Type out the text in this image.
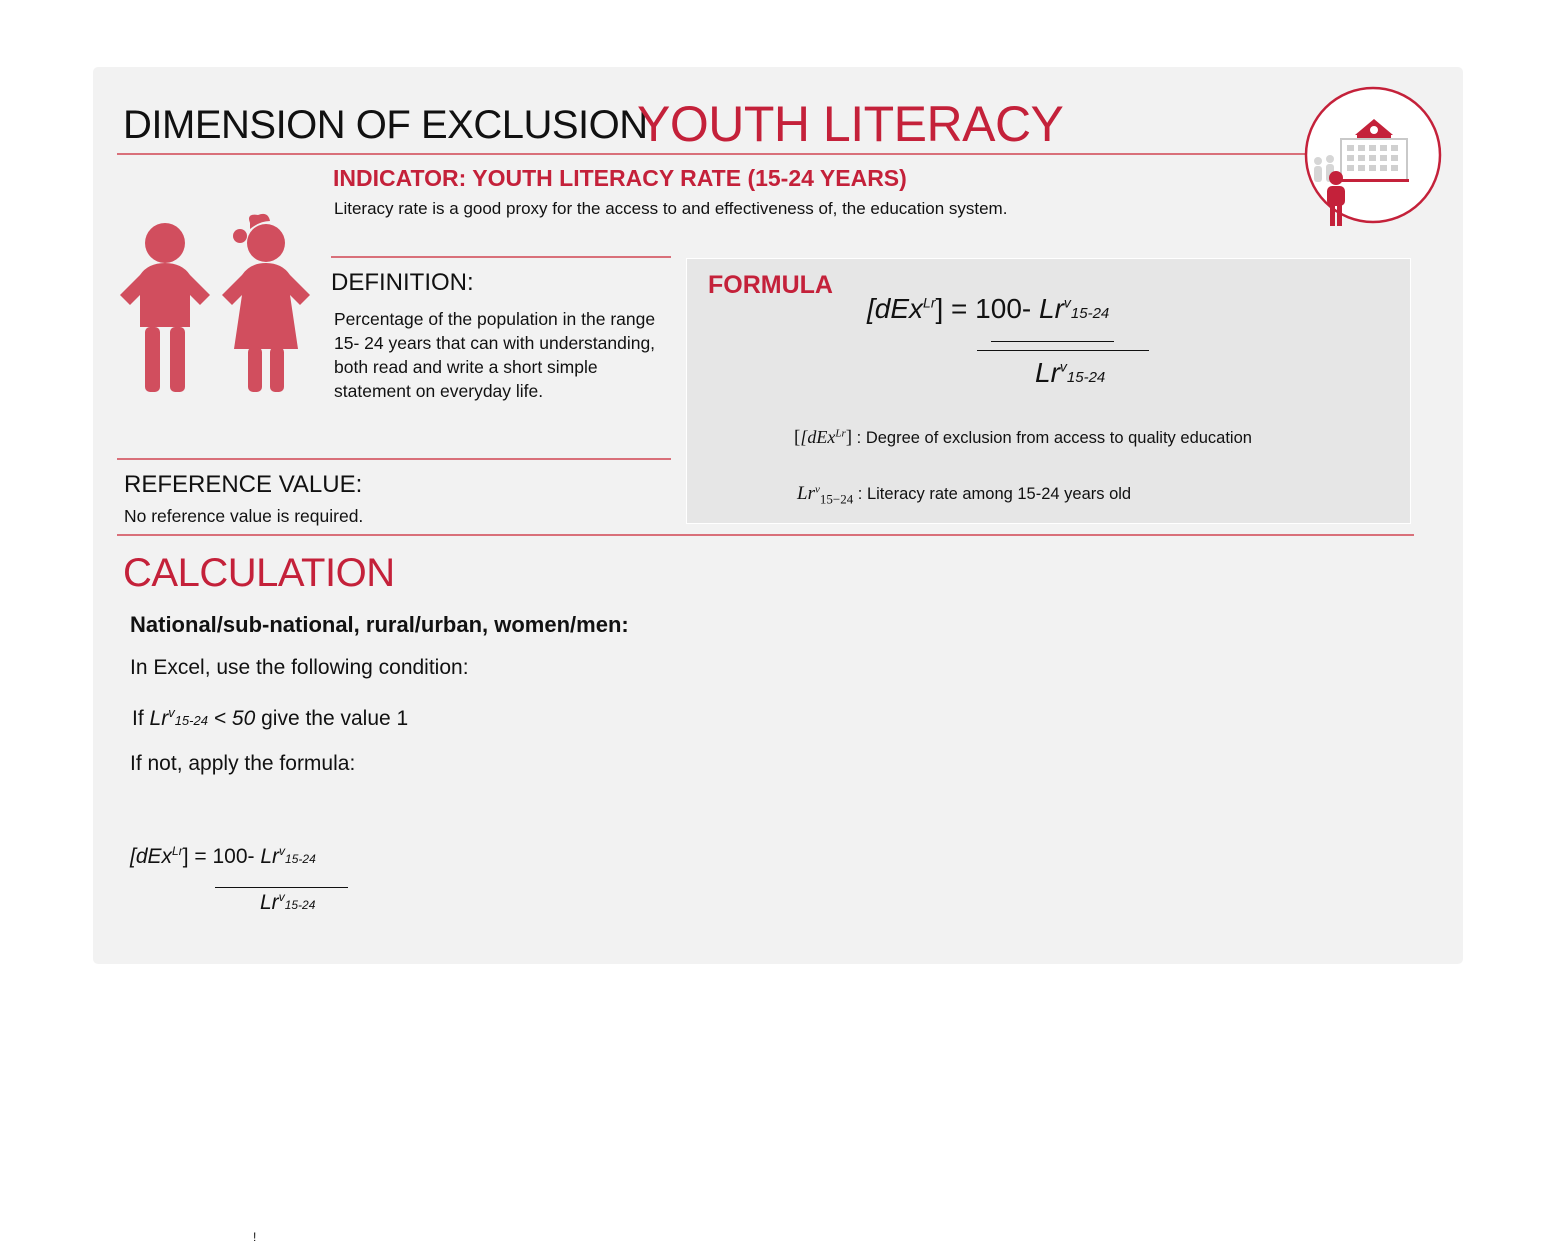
DIMENSION OF EXCLUSION
YOUTH LITERACY
INDICATOR: YOUTH LITERACY RATE (15-24 YEARS)
Literacy rate is a good proxy for the access to and effectiveness of, the education system.
DEFINITION:
Percentage of the population in the range 15- 24 years that can with understanding, both read and write a short simple statement on everyday life.
REFERENCE VALUE:
No reference value is required.
FORMULA
[dEx$^{Lr}$] = 100- Lr$^v$15-24
Lr$^v$15-24
[[dEx$^{Lr}$] : Degree of exclusion from access to quality education
$Lr^v_{15-24}$ : Literacy rate among 15-24 years old
CALCULATION
National/sub-national, rural/urban, women/men:
In Excel, use the following condition:
If $Lr^v15-24 < 50$ give the value 1
If not, apply the formula:
[dEx$^{Lr}$] = 100- Lr$^v$15-24
Lr$^v$15-24
!
